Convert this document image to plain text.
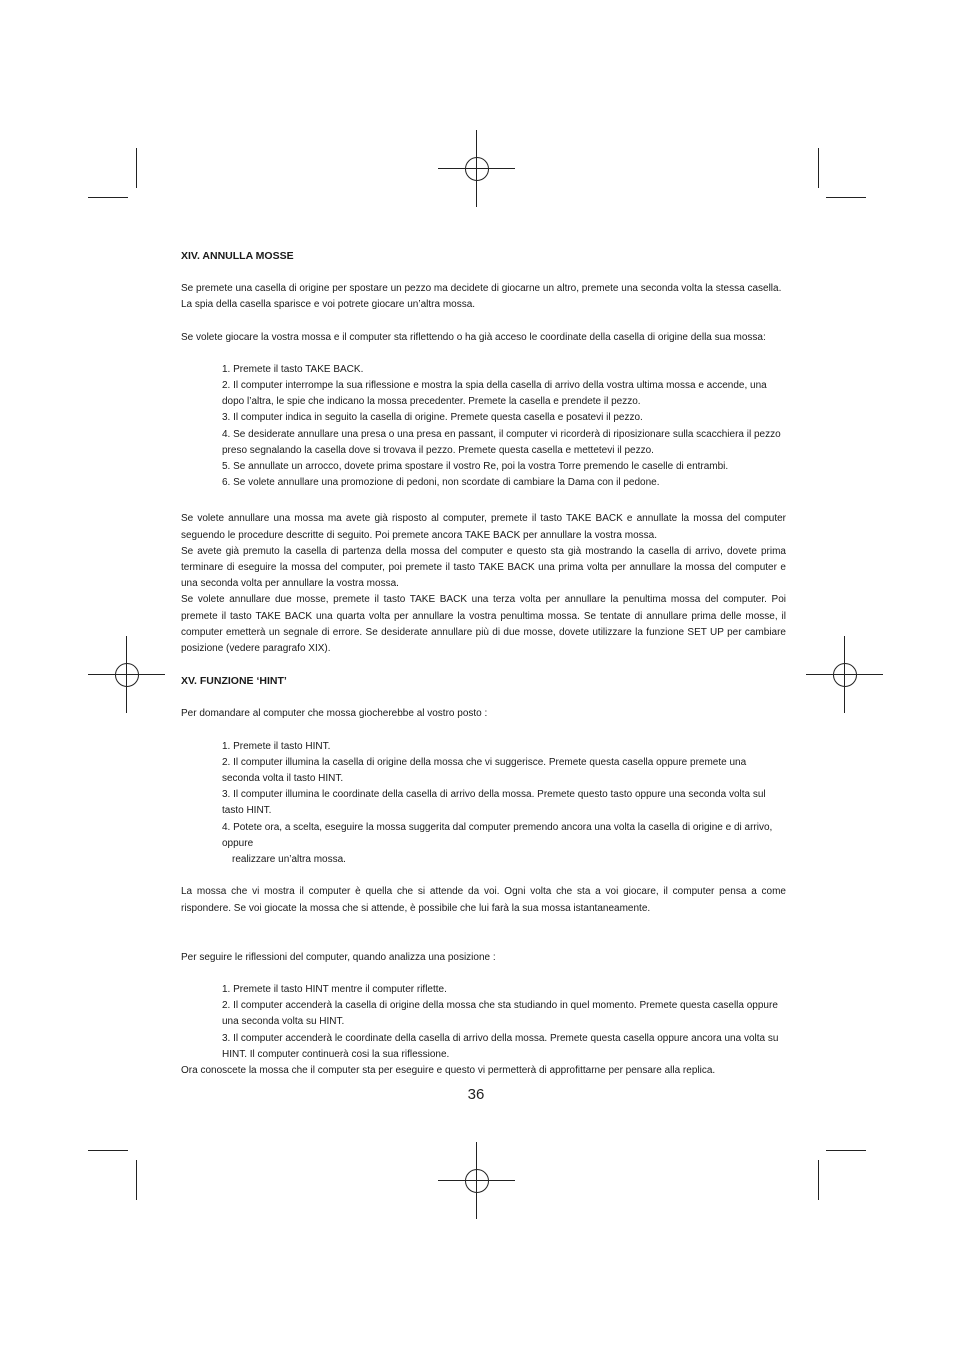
XIV. ANNULLA MOSSE

Se premete una casella di origine per spostare un pezzo ma decidete di giocarne un altro, premete una seconda volta la stessa casella.

La spia della casella sparisce e voi potrete giocare un’altra mossa.

Se volete giocare la vostra mossa e il computer sta riflettendo o ha già acceso le coordinate della casella di origine della sua mossa:

1. Premete il tasto TAKE BACK.

2. Il computer interrompe la sua riflessione e mostra la spia della casella di arrivo della vostra ultima mossa e accende, una dopo l’altra, le spie che indicano la mossa precedenter. Premete la casella e prendete il pezzo.

3. Il computer indica in seguito la casella di origine. Premete questa casella e posatevi il pezzo.

4. Se desiderate annullare una presa o una presa en passant, il computer vi ricorderà di riposizionare sulla scacchiera il pezzo preso segnalando la casella dove si trovava il pezzo. Premete questa casella e mettetevi il pezzo.

5. Se annullate un arrocco, dovete prima spostare il vostro Re, poi la vostra Torre premendo le caselle di entrambi.

6. Se volete annullare una promozione di pedoni, non scordate di cambiare la Dama con il pedone.

Se volete annullare una mossa ma avete già risposto al computer, premete il tasto TAKE BACK e annullate la mossa del computer seguendo le procedure descritte di seguito. Poi premete ancora TAKE BACK per annullare la vostra mossa.

Se avete già premuto la casella di partenza della mossa del computer e questo sta già mostrando la casella di arrivo, dovete prima terminare di eseguire la mossa del computer, poi premete il tasto TAKE BACK una prima volta per annullare la mossa del computer e una seconda volta per annullare la vostra mossa.

Se volete annullare due mosse, premete il tasto TAKE BACK una terza volta per annullare la penultima mossa del computer. Poi premete il tasto TAKE BACK una quarta volta per annullare la vostra penultima mossa. Se tentate di annullare prima delle mosse, il computer emetterà un segnale di errore. Se desiderate annullare più di due mosse, dovete utilizzare la funzione SET UP per cambiare posizione (vedere paragrafo XIX).

XV. FUNZIONE ‘HINT’

Per domandare al computer che mossa giocherebbe al vostro posto :

1. Premete il tasto HINT.

2. Il computer illumina la casella di origine della mossa che vi suggerisce. Premete questa casella oppure premete una seconda volta il tasto HINT.

3. Il computer illumina le coordinate della casella di arrivo della mossa. Premete questo tasto oppure una seconda volta sul tasto HINT.

4. Potete ora, a scelta, eseguire la mossa suggerita dal computer premendo ancora una volta la casella di origine e di arrivo, oppure

realizzare un’altra mossa.

La mossa che vi mostra il computer è quella che si attende da voi. Ogni volta che sta a voi giocare, il computer pensa a come rispondere. Se voi giocate la mossa che si attende, è possibile che lui farà la sua mossa istantaneamente.

Per seguire le riflessioni del computer, quando analizza una posizione :

1. Premete il tasto HINT mentre il computer riflette.

2. Il computer accenderà la casella di origine della mossa che sta studiando in quel momento. Premete questa casella oppure una seconda volta su HINT.

3. Il computer accenderà le coordinate della casella di arrivo della mossa. Premete questa casella oppure ancora una volta su HINT. Il computer continuerà cosi la sua riflessione.

Ora conoscete la mossa che il computer sta per eseguire e questo vi permetterà di approfittarne per pensare alla replica.

36
